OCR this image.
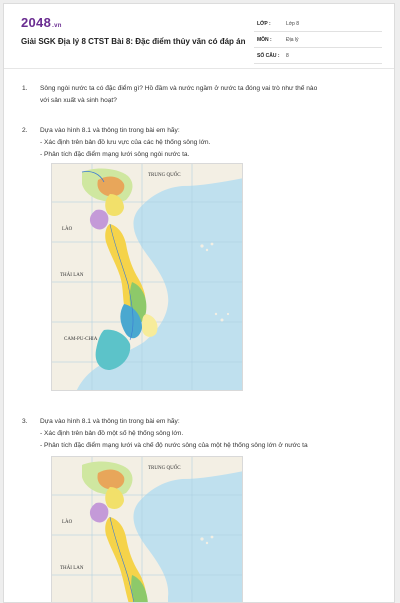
2048.vn
Giải SGK Địa lý 8 CTST Bài 8: Đặc điểm thủy văn có đáp án
LỚP :	Lớp 8
MÔN :	Địa lý
SỐ CÂU : 8
1.	Sông ngòi nước ta có đặc điểm gì? Hồ đầm và nước ngầm ở nước ta đóng vai trò như thế nào
với sản xuất và sinh hoạt?
2.	Dựa vào hình 8.1 và thông tin trong bài em hãy:
- Xác định trên bản đồ lưu vực của các hệ thống sông lớn.
- Phân tích đặc điểm mạng lưới sông ngòi nước ta.
TRUNG QUỐC
LÀO
THÁI LAN
CAM-PU-CHIA
3.	Dựa vào hình 8.1 và thông tin trong bài em hãy:
- Xác định trên bản đồ một số hệ thống sông lớn.
- Phân tích đặc điểm mạng lưới và chế độ nước sông của một hệ thống sông lớn ở nước ta
TRUNG QUỐC
LÀO
THÁI LAN
